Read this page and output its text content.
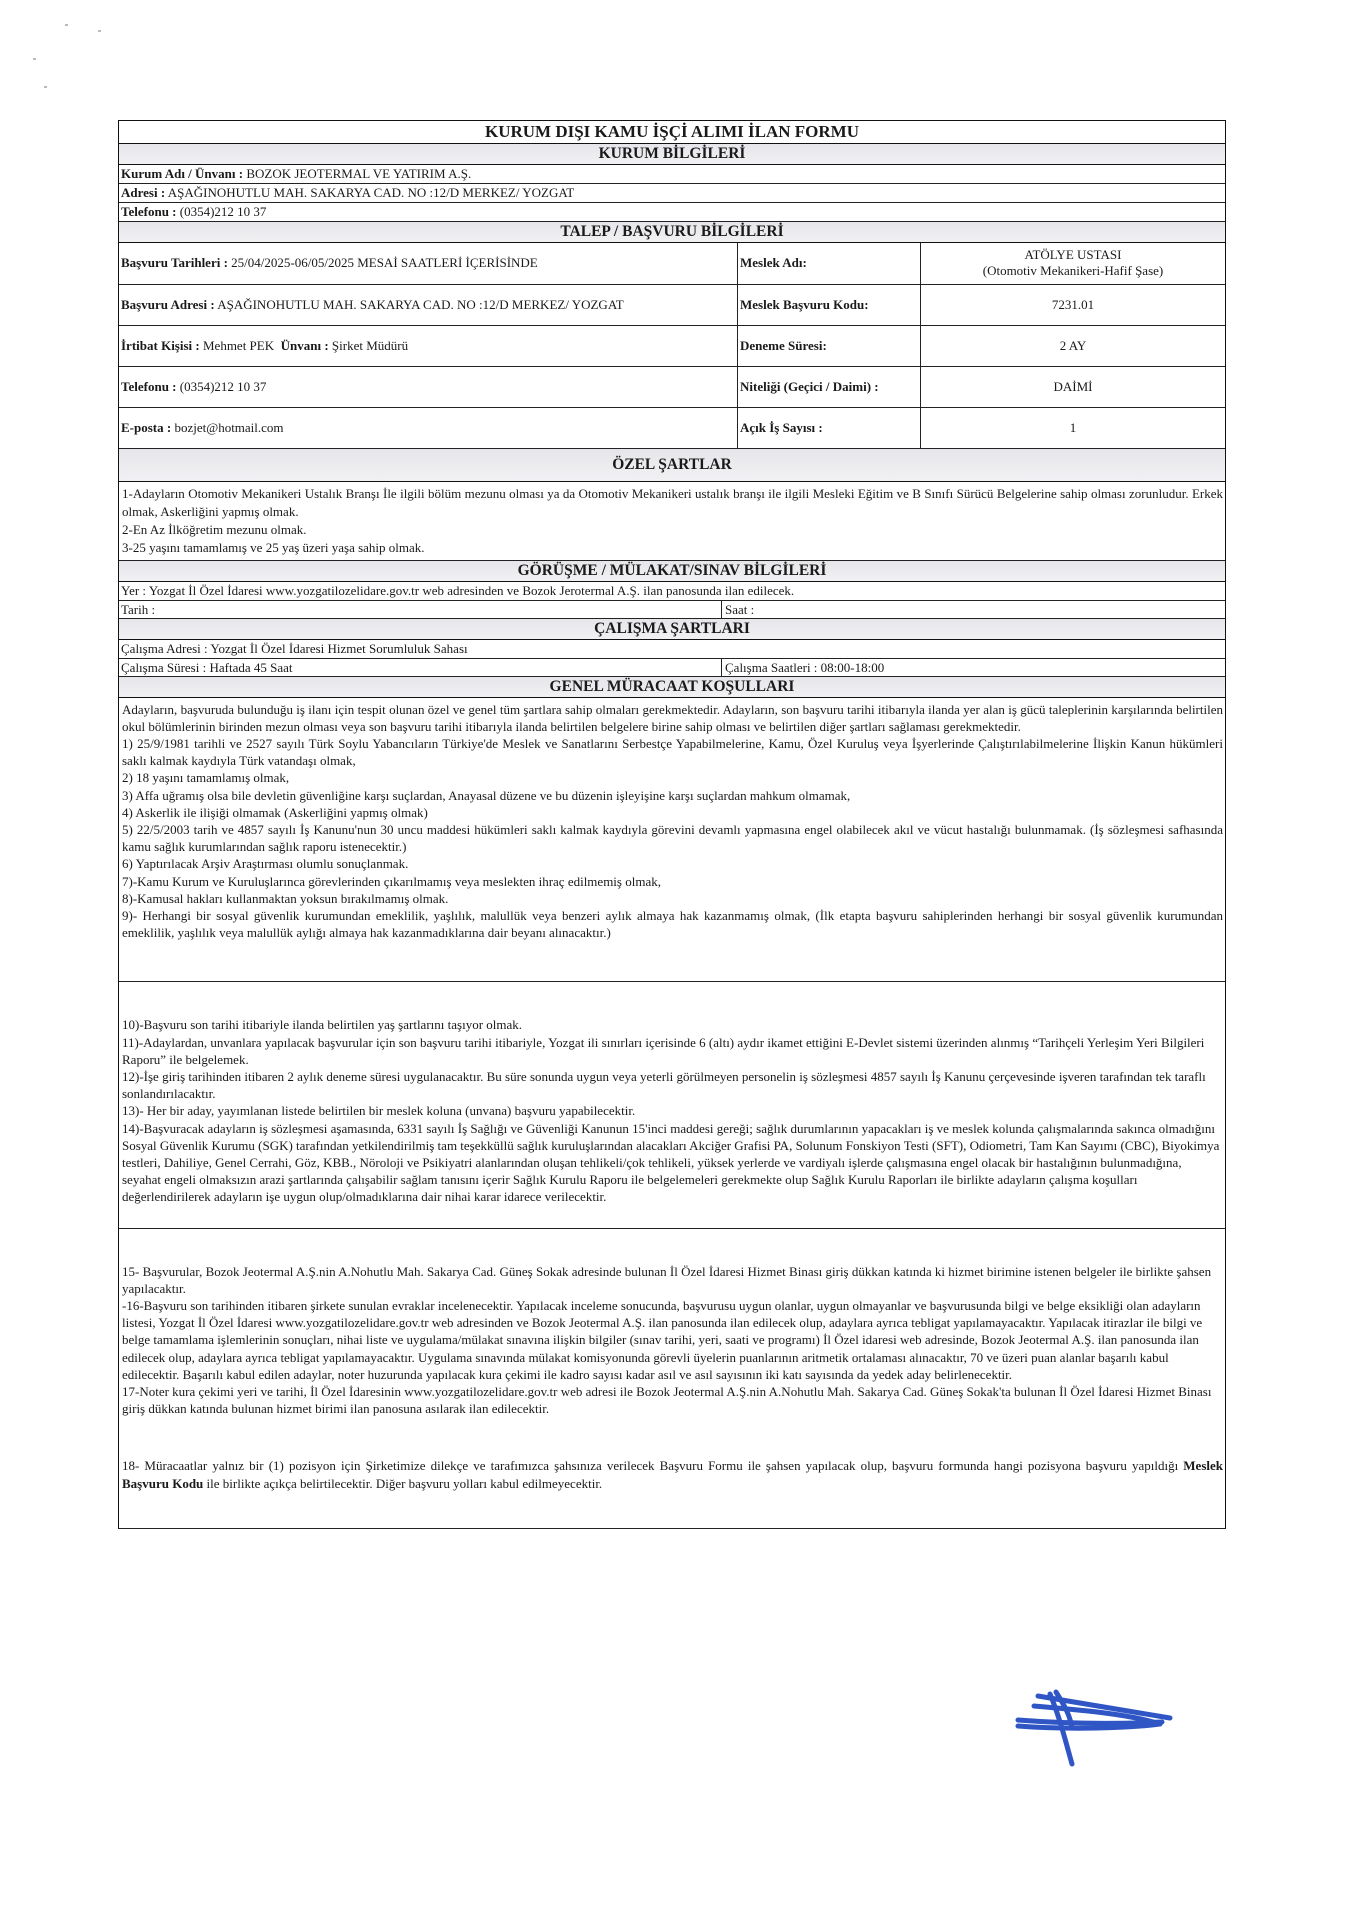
KURUM DIŞI KAMU İŞÇİ ALIMI İLAN FORMU
KURUM BİLGİLERİ
Kurum Adı / Ünvanı : BOZOK JEOTERMAL VE YATIRIM A.Ş.
Adresi : AŞAĞINOHUTLU MAH. SAKARYA CAD. NO :12/D MERKEZ/ YOZGAT
Telefonu : (0354)212 10 37
TALEP / BAŞVURU BİLGİLERİ
Başvuru Tarihleri : 25/04/2025-06/05/2025 MESAİ SAATLERİ İÇERİSİNDE	Meslek Adı:	ATÖLYE USTASI
(Otomotiv Mekanikeri-Hafif Şase)

Başvuru Adresi : AŞAĞINOHUTLU MAH. SAKARYA CAD. NO :12/D MERKEZ/ YOZGAT	Meslek Başvuru Kodu:	7231.01
İrtibat Kişisi : Mehmet PEK Ünvanı : Şirket Müdürü	Deneme Süresi:	2 AY
Telefonu : (0354)212 10 37	Niteliği (Geçici / Daimi) :	DAİMİ
E-posta : bozjet@hotmail.com	Açık İş Sayısı :	1
ÖZEL ŞARTLAR

1-Adayların Otomotiv Mekanikeri Ustalık Branşı İle ilgili bölüm mezunu olması ya da Otomotiv Mekanikeri ustalık branşı ile ilgili Mesleki Eğitim ve B Sınıfı Sürücü Belgelerine sahip olması zorunludur. Erkek olmak, Askerliğini yapmış olmak.

2-En Az İlköğretim mezunu olmak.

3-25 yaşını tamamlamış ve 25 yaş üzeri yaşa sahip olmak.

GÖRÜŞME / MÜLAKAT/SINAV BİLGİLERİ
Yer : Yozgat İl Özel İdaresi www.yozgatilozelidare.gov.tr web adresinden ve Bozok Jerotermal A.Ş. ilan panosunda ilan edilecek.
Tarih :	Saat :
ÇALIŞMA ŞARTLARI
Çalışma Adresi : Yozgat İl Özel İdaresi Hizmet Sorumluluk Sahası
Çalışma Süresi : Haftada 45 Saat	Çalışma Saatleri : 08:00-18:00
GENEL MÜRACAAT KOŞULLARI

Adayların, başvuruda bulunduğu iş ilanı için tespit olunan özel ve genel tüm şartlara sahip olmaları gerekmektedir. Adayların, son başvuru tarihi itibarıyla ilanda yer alan iş gücü taleplerinin karşılarında belirtilen okul bölümlerinin birinden mezun olması veya son başvuru tarihi itibarıyla ilanda belirtilen belgelere birine sahip olması ve belirtilen diğer şartları sağlaması gerekmektedir.

1) 25/9/1981 tarihli ve 2527 sayılı Türk Soylu Yabancıların Türkiye'de Meslek ve Sanatlarını Serbestçe Yapabilmelerine, Kamu, Özel Kuruluş veya İşyerlerinde Çalıştırılabilmelerine İlişkin Kanun hükümleri saklı kalmak kaydıyla Türk vatandaşı olmak,

2) 18 yaşını tamamlamış olmak,

3) Affa uğramış olsa bile devletin güvenliğine karşı suçlardan, Anayasal düzene ve bu düzenin işleyişine karşı suçlardan mahkum olmamak,

4) Askerlik ile ilişiği olmamak (Askerliğini yapmış olmak)

5) 22/5/2003 tarih ve 4857 sayılı İş Kanunu'nun 30 uncu maddesi hükümleri saklı kalmak kaydıyla görevini devamlı yapmasına engel olabilecek akıl ve vücut hastalığı bulunmamak. (İş sözleşmesi safhasında kamu sağlık kurumlarından sağlık raporu istenecektir.)

6) Yaptırılacak Arşiv Araştırması olumlu sonuçlanmak.

7)-Kamu Kurum ve Kuruluşlarınca görevlerinden çıkarılmamış veya meslekten ihraç edilmemiş olmak,

8)-Kamusal hakları kullanmaktan yoksun bırakılmamış olmak.

9)- Herhangi bir sosyal güvenlik kurumundan emeklilik, yaşlılık, malullük veya benzeri aylık almaya hak kazanmamış olmak, (İlk etapta başvuru sahiplerinden herhangi bir sosyal güvenlik kurumundan emeklilik, yaşlılık veya malullük aylığı almaya hak kazanmadıklarına dair beyanı alınacaktır.)

10)-Başvuru son tarihi itibariyle ilanda belirtilen yaş şartlarını taşıyor olmak.

11)-Adaylardan, unvanlara yapılacak başvurular için son başvuru tarihi itibariyle, Yozgat ili sınırları içerisinde 6 (altı) aydır ikamet ettiğini E-Devlet sistemi üzerinden alınmış “Tarihçeli Yerleşim Yeri Bilgileri Raporu” ile belgelemek.

12)-İşe giriş tarihinden itibaren 2 aylık deneme süresi uygulanacaktır. Bu süre sonunda uygun veya yeterli görülmeyen personelin iş sözleşmesi 4857 sayılı İş Kanunu çerçevesinde işveren tarafından tek taraflı sonlandırılacaktır.

13)- Her bir aday, yayımlanan listede belirtilen bir meslek koluna (unvana) başvuru yapabilecektir.

14)-Başvuracak adayların iş sözleşmesi aşamasında, 6331 sayılı İş Sağlığı ve Güvenliği Kanunun 15'inci maddesi gereği; sağlık durumlarının yapacakları iş ve meslek kolunda çalışmalarında sakınca olmadığını Sosyal Güvenlik Kurumu (SGK) tarafından yetkilendirilmiş tam teşekküllü sağlık kuruluşlarından alacakları Akciğer Grafisi PA, Solunum Fonskiyon Testi (SFT), Odiometri, Tam Kan Sayımı (CBC), Biyokimya testleri, Dahiliye, Genel Cerrahi, Göz, KBB., Nöroloji ve Psikiyatri alanlarından oluşan tehlikeli/çok tehlikeli, yüksek yerlerde ve vardiyalı işlerde çalışmasına engel olacak bir hastalığının bulunmadığına, seyahat engeli olmaksızın arazi şartlarında çalışabilir sağlam tanısını içerir Sağlık Kurulu Raporu ile belgelemeleri gerekmekte olup Sağlık Kurulu Raporları ile birlikte adayların çalışma koşulları değerlendirilerek adayların işe uygun olup/olmadıklarına dair nihai karar idarece verilecektir.

15- Başvurular, Bozok Jeotermal A.Ş.nin A.Nohutlu Mah. Sakarya Cad. Güneş Sokak adresinde bulunan İl Özel İdaresi Hizmet Binası giriş dükkan katında ki hizmet birimine istenen belgeler ile birlikte şahsen yapılacaktır.

-16-Başvuru son tarihinden itibaren şirkete sunulan evraklar incelenecektir. Yapılacak inceleme sonucunda, başvurusu uygun olanlar, uygun olmayanlar ve başvurusunda bilgi ve belge eksikliği olan adayların listesi, Yozgat İl Özel İdaresi www.yozgatilozelidare.gov.tr web adresinden ve Bozok Jeotermal A.Ş. ilan panosunda ilan edilecek olup, adaylara ayrıca tebligat yapılamayacaktır. Yapılacak itirazlar ile bilgi ve belge tamamlama işlemlerinin sonuçları, nihai liste ve uygulama/mülakat sınavına ilişkin bilgiler (sınav tarihi, yeri, saati ve programı) İl Özel idaresi web adresinde, Bozok Jeotermal A.Ş. ilan panosunda ilan edilecek olup, adaylara ayrıca tebligat yapılamayacaktır. Uygulama sınavında mülakat komisyonunda görevli üyelerin puanlarının aritmetik ortalaması alınacaktır, 70 ve üzeri puan alanlar başarılı kabul edilecektir. Başarılı kabul edilen adaylar, noter huzurunda yapılacak kura çekimi ile kadro sayısı kadar asıl ve asıl sayısının iki katı sayısında da yedek aday belirlenecektir.

17-Noter kura çekimi yeri ve tarihi, İl Özel İdaresinin www.yozgatilozelidare.gov.tr web adresi ile Bozok Jeotermal A.Ş.nin A.Nohutlu Mah. Sakarya Cad. Güneş Sokak'ta bulunan İl Özel İdaresi Hizmet Binası giriş dükkan katında bulunan hizmet birimi ilan panosuna asılarak ilan edilecektir.

18- Müracaatlar yalnız bir (1) pozisyon için Şirketimize dilekçe ve tarafımızca şahsınıza verilecek Başvuru Formu ile şahsen yapılacak olup, başvuru formunda hangi pozisyona başvuru yapıldığı Meslek Başvuru Kodu ile birlikte açıkça belirtilecektir. Diğer başvuru yolları kabul edilmeyecektir.
